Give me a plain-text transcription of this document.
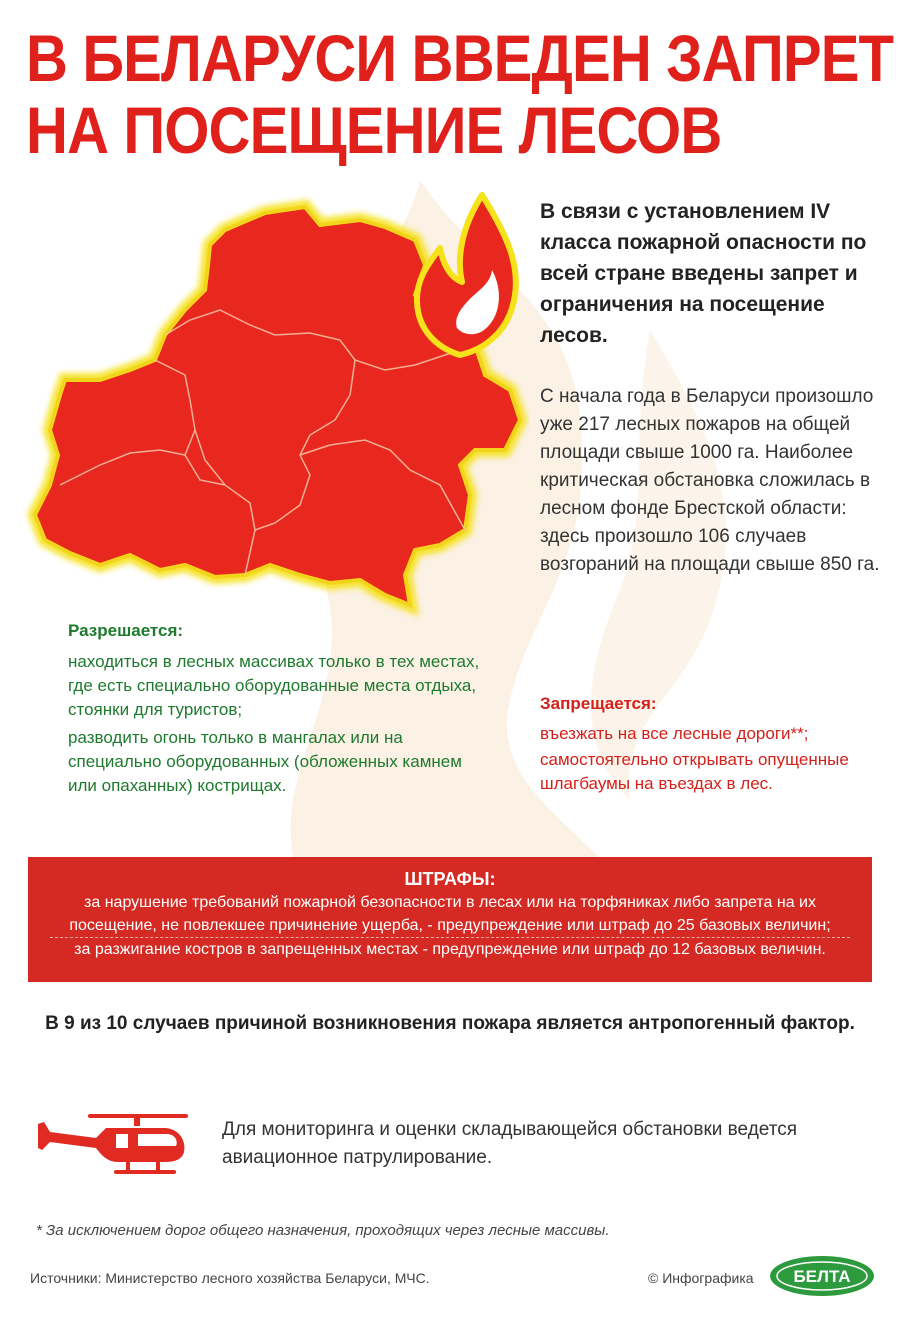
В БЕЛАРУСИ ВВЕДЕН ЗАПРЕТ
НА ПОСЕЩЕНИЕ ЛЕСОВ
В связи с установлением IV класса пожарной опасности по всей стране введены запрет и ограничения на посещение лесов.
С начала года в Беларуси произошло уже 217 лесных пожаров на общей площади свыше 1000 га. Наиболее критическая обстановка сложилась в лесном фонде Брестской области: здесь произошло 106 случаев возгораний на площади свыше 850 га.
Разрешается:
находиться в лесных массивах только в тех местах, где есть специально оборудованные места отдыха, стоянки для туристов;
разводить огонь только в мангалах или на специально оборудованных (обложенных камнем или опаханных) кострищах.
Запрещается:
въезжать на все лесные дороги**;
самостоятельно открывать опущенные шлагбаумы на въездах в лес.
ШТРАФЫ:
за нарушение требований пожарной безопасности в лесах или на торфяниках либо запрета на их
посещение, не повлекшее причинение ущерба, - предупреждение или штраф до 25 базовых величин;
за разжигание костров в запрещенных местах - предупреждение или штраф до 12 базовых величин.
В 9 из 10 случаев причиной возникновения пожара является антропогенный фактор.
Для мониторинга и оценки складывающейся обстановки ведется авиационное патрулирование.
* За исключением дорог общего назначения, проходящих через лесные массивы.
Источники: Министерство лесного хозяйства Беларуси, МЧС.	© Инфографика БЕЛТА
